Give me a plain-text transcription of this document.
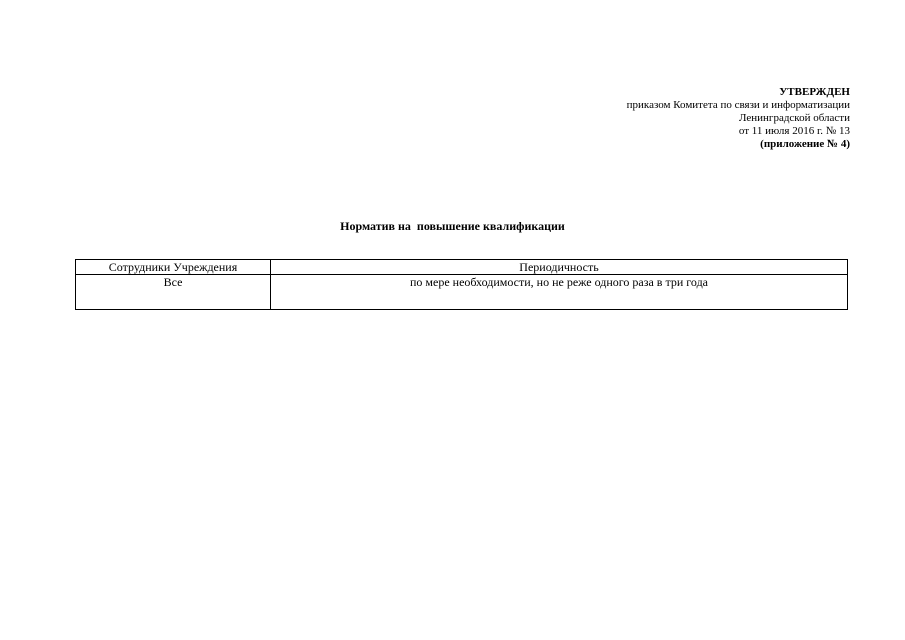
УТВЕРЖДЕН
приказом Комитета по связи и информатизации
Ленинградской области
от 11 июля 2016 г. № 13
(приложение № 4)
Норматив на  повышение квалификации
Сотрудники Учреждения	Периодичность
Все	по мере необходимости, но не реже одного раза в три года
